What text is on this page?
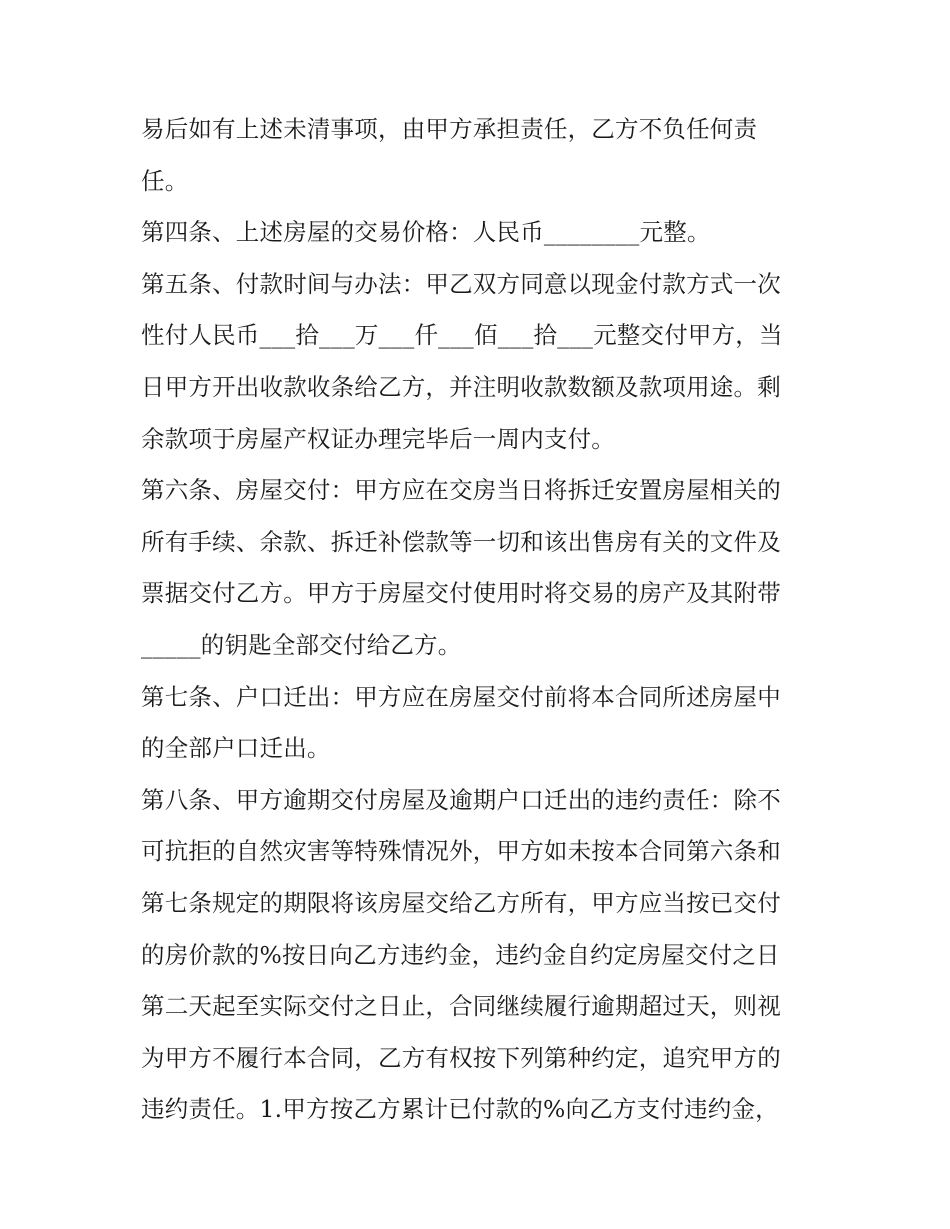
易后如有上述未清事项，由甲方承担责任，乙方不负任何责
任。
第四条、上述房屋的交易价格：人民币________元整。
第五条、付款时间与办法：甲乙双方同意以现金付款方式一次
性付人民币___拾___万___仟___佰___拾___元整交付甲方，当
日甲方开出收款收条给乙方，并注明收款数额及款项用途。剩
余款项于房屋产权证办理完毕后一周内支付。
第六条、房屋交付：甲方应在交房当日将拆迁安置房屋相关的
所有手续、余款、拆迁补偿款等一切和该出售房有关的文件及
票据交付乙方。甲方于房屋交付使用时将交易的房产及其附带
_____的钥匙全部交付给乙方。
第七条、户口迁出：甲方应在房屋交付前将本合同所述房屋中
的全部户口迁出。
第八条、甲方逾期交付房屋及逾期户口迁出的违约责任：除不
可抗拒的自然灾害等特殊情况外，甲方如未按本合同第六条和
第七条规定的期限将该房屋交给乙方所有，甲方应当按已交付
的房价款的%按日向乙方违约金，违约金自约定房屋交付之日
第二天起至实际交付之日止，合同继续履行逾期超过天，则视
为甲方不履行本合同，乙方有权按下列第种约定，追究甲方的
违约责任。1.甲方按乙方累计已付款的%向乙方支付违约金，
